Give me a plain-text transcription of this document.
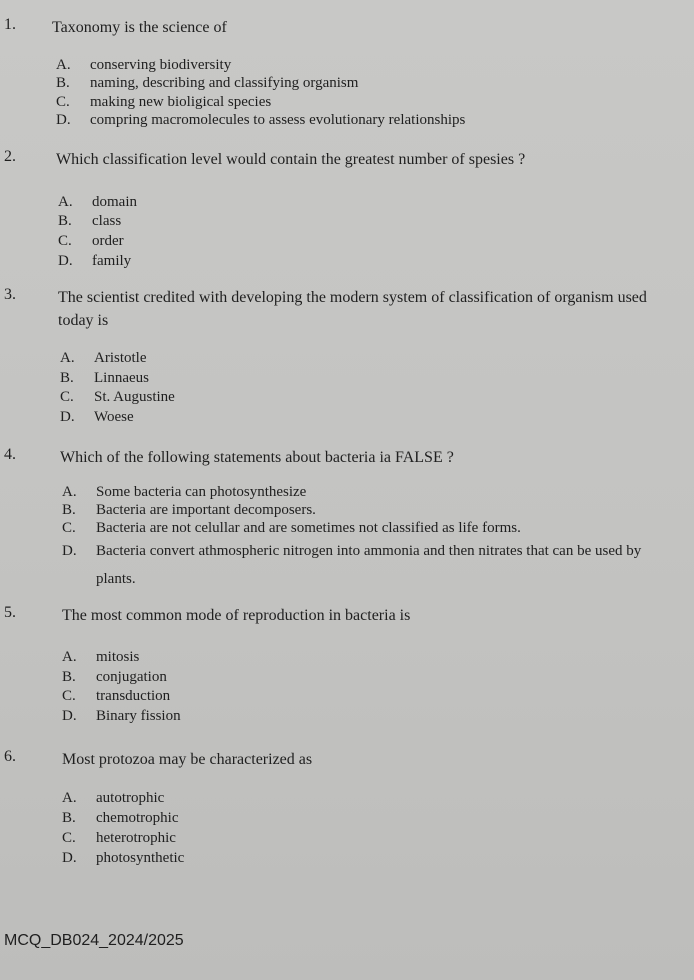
1. Taxonomy is the science of

A. conserving biodiversity
B. naming, describing and classifying organism
C. making new bioligical species
D. compring macromolecules to assess evolutionary relationships
2.	Which classification level would contain the greatest number of spesies ?

A. domain
B. class
C. order
D. family
3.	The scientist credited with developing the modern system of classification of organism used today is

A. Aristotle
B. Linnaeus
C. St. Augustine
D. Woese
4.	Which of the following statements about bacteria ia FALSE ?

A. Some bacteria can photosynthesize
B. Bacteria are important decomposers.
C. Bacteria are not celullar and are sometimes not classified as life forms.
D. Bacteria convert athmospheric nitrogen into ammonia and then nitrates that can be used by plants.
5.	The most common mode of reproduction in bacteria is

A. mitosis
B. conjugation
C. transduction
D. Binary fission
6.	Most protozoa may be characterized as

A. autotrophic
B. chemotrophic
C. heterotrophic
D. photosynthetic
MCQ_DB024_2024/2025
